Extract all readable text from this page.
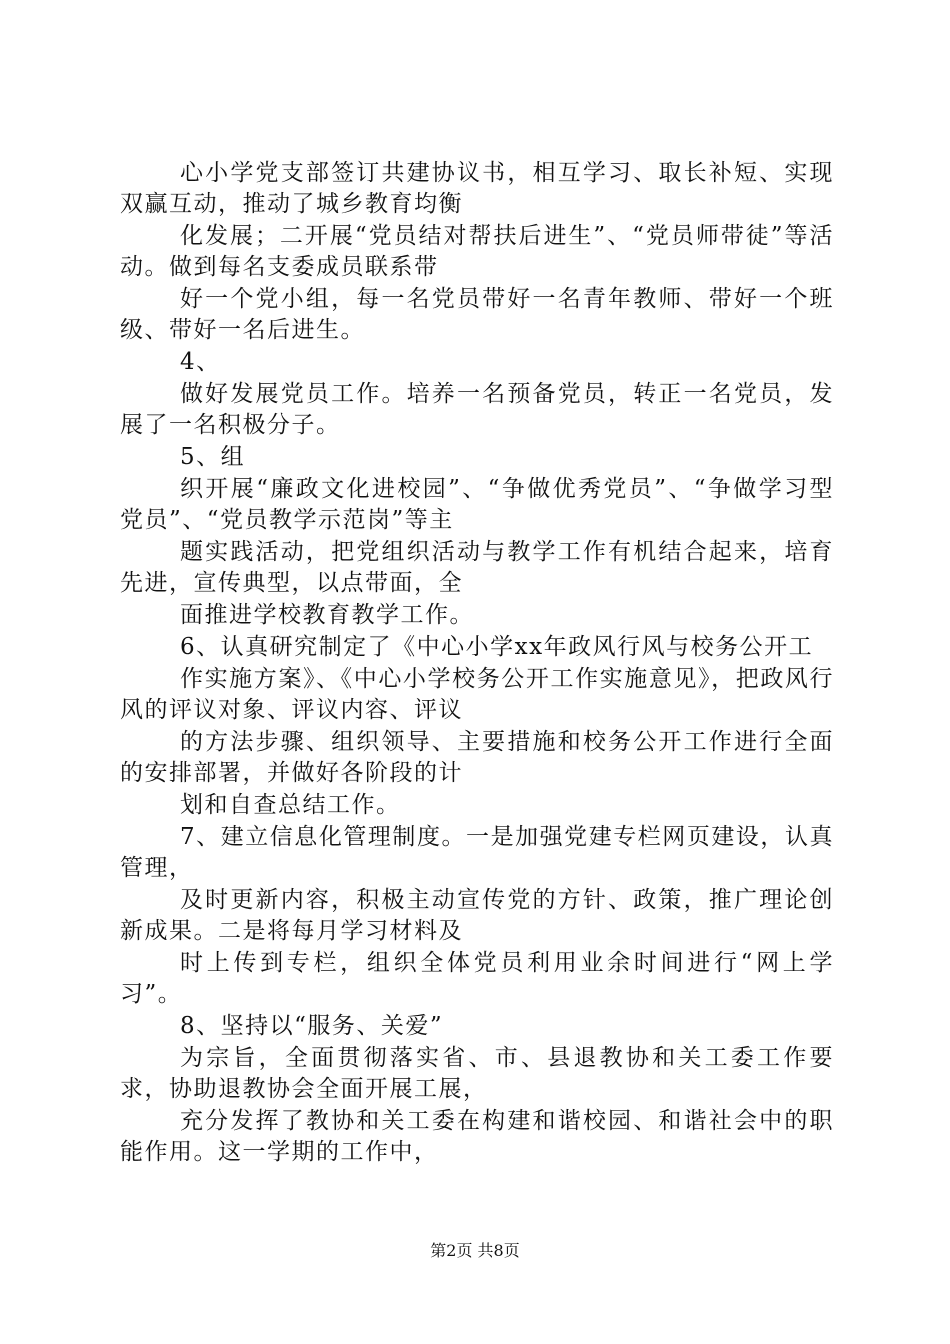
心小学党支部签订共建协议书，相互学习、取长补短、实现双赢互动，推动了城乡教育均衡

化发展；二开展“党员结对帮扶后进生”、“党员师带徒”等活动。做到每名支委成员联系带

好一个党小组，每一名党员带好一名青年教师、带好一个班级、带好一名后进生。

4、

做好发展党员工作。培养一名预备党员，转正一名党员，发展了一名积极分子。

5、组

织开展“廉政文化进校园”、“争做优秀党员”、“争做学习型党员”、“党员教学示范岗”等主

题实践活动，把党组织活动与教学工作有机结合起来，培育先进，宣传典型，以点带面，全

面推进学校教育教学工作。

6、认真研究制定了《中心小学xx年政风行风与校务公开工

作实施方案》、《中心小学校务公开工作实施意见》，把政风行风的评议对象、评议内容、评议

的方法步骤、组织领导、主要措施和校务公开工作进行全面的安排部署，并做好各阶段的计

划和自查总结工作。

7、建立信息化管理制度。一是加强党建专栏网页建设，认真管理，

及时更新内容，积极主动宣传党的方针、政策，推广理论创新成果。二是将每月学习材料及

时上传到专栏，组织全体党员利用业余时间进行“网上学习”。

8、坚持以“服务、关爱”

为宗旨，全面贯彻落实省、市、县退教协和关工委工作要求，协助退教协会全面开展工展，

充分发挥了教协和关工委在构建和谐校园、和谐社会中的职能作用。这一学期的工作中，

第2页 共8页
